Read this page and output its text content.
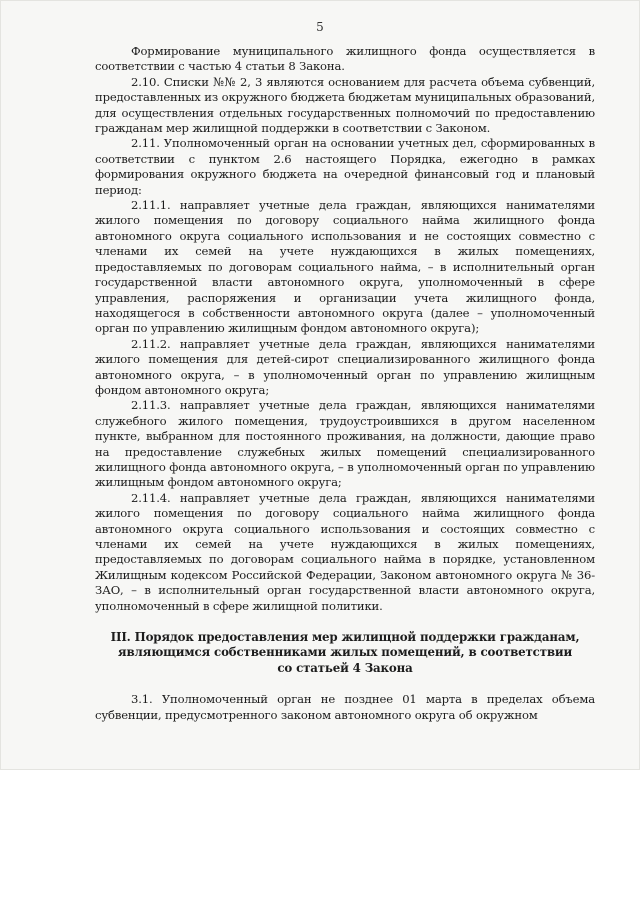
5

Формирование муниципального жилищного фонда осуществляется в соответствии с частью 4 статьи 8 Закона.

2.10. Списки №№ 2, 3 являются основанием для расчета объема субвенций, предоставленных из окружного бюджета бюджетам муниципальных образований, для осуществления отдельных государственных полномочий по предоставлению гражданам мер жилищной поддержки в соответствии с Законом.

2.11. Уполномоченный орган на основании учетных дел, сформированных в соответствии с пунктом 2.6 настоящего Порядка, ежегодно в рамках формирования окружного бюджета на очередной финансовый год и плановый период:

2.11.1. направляет учетные дела граждан, являющихся нанимателями жилого помещения по договору социального найма жилищного фонда автономного округа социального использования и не состоящих совместно с членами их семей на учете нуждающихся в жилых помещениях, предоставляемых по договорам социального найма, – в исполнительный орган государственной власти автономного округа, уполномоченный в сфере управления, распоряжения и организации учета жилищного фонда, находящегося в собственности автономного округа (далее – уполномоченный орган по управлению жилищным фондом автономного округа);

2.11.2. направляет учетные дела граждан, являющихся нанимателями жилого помещения для детей-сирот специализированного жилищного фонда автономного округа, – в уполномоченный орган по управлению жилищным фондом автономного округа;

2.11.3. направляет учетные дела граждан, являющихся нанимателями служебного жилого помещения, трудоустроившихся в другом населенном пункте, выбранном для постоянного проживания, на должности, дающие право на предоставление служебных жилых помещений специализированного жилищного фонда автономного округа, – в уполномоченный орган по управлению жилищным фондом автономного округа;

2.11.4. направляет учетные дела граждан, являющихся нанимателями жилого помещения по договору социального найма жилищного фонда автономного округа социального использования и состоящих совместно с членами их семей на учете нуждающихся в жилых помещениях, предоставляемых по договорам социального найма в порядке, установленном Жилищным кодексом Российской Федерации, Законом автономного округа № 36-ЗАО, – в исполнительный орган государственной власти автономного округа, уполномоченный в сфере жилищной политики.

III. Порядок предоставления мер жилищной поддержки гражданам,
являющимся собственниками жилых помещений, в соответствии
со статьей 4 Закона

3.1. Уполномоченный орган не позднее 01 марта в пределах объема субвенции, предусмотренного законом автономного округа об окружном
